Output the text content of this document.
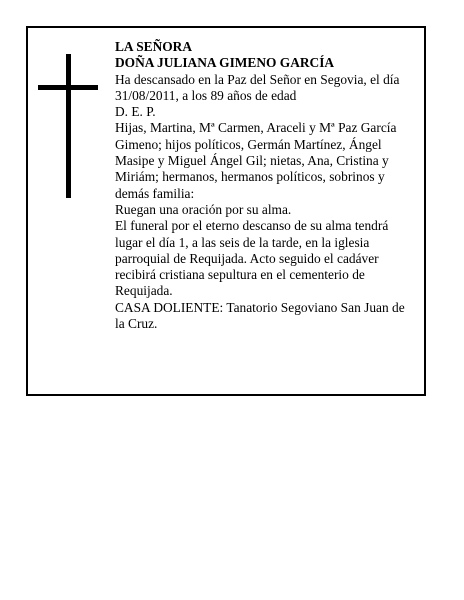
LA SEÑORA

DOÑA JULIANA GIMENO GARCÍA

Ha descansado en la Paz del Señor en Segovia, el día 31/08/2011, a los 89 años de edad

D. E. P.

Hijas, Martina, Mª Carmen, Araceli y Mª Paz García Gimeno; hijos políticos, Germán Martínez, Ángel Masipe y Miguel Ángel Gil; nietas, Ana, Cristina y Miriám; hermanos, hermanos políticos, sobrinos y demás familia:

Ruegan una oración por su alma.

El funeral por el eterno descanso de su alma tendrá lugar el día 1, a las seis de la tarde, en la iglesia parroquial de Requijada. Acto seguido el cadáver recibirá cristiana sepultura en el cementerio de Requijada.

CASA DOLIENTE: Tanatorio Segoviano San Juan de la Cruz.
